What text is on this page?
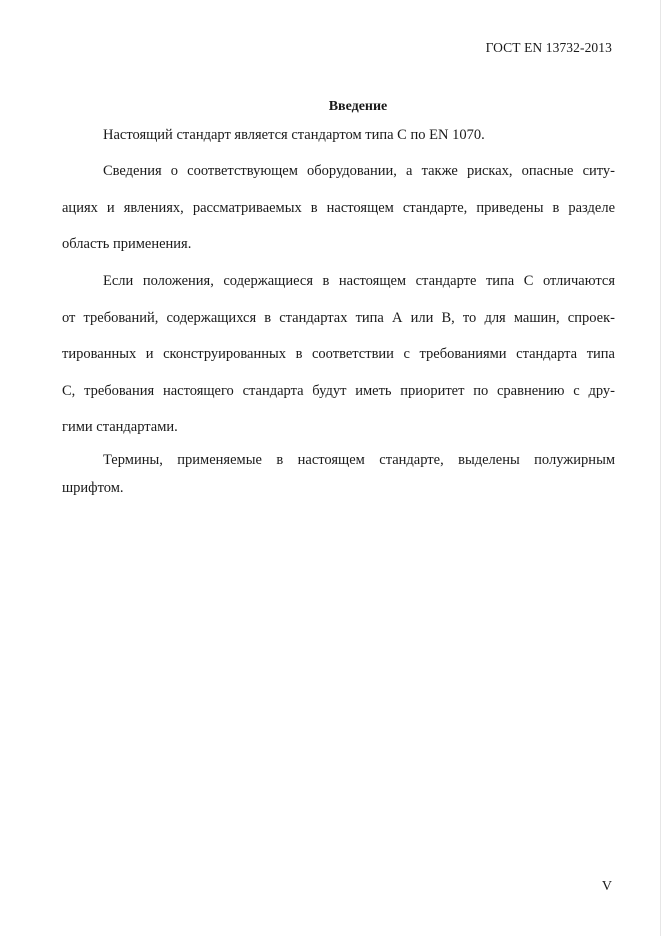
ГОСТ EN 13732-2013
Введение
Настоящий стандарт является стандартом типа С по EN 1070.
Сведения о соответствующем оборудовании, а также рисках, опасные ситу-
ациях и явлениях, рассматриваемых в настоящем стандарте, приведены в разделе
область применения.
Если положения, содержащиеся в настоящем стандарте типа С отличаются
от требований, содержащихся в стандартах типа А или В, то для машин, спроек-
тированных и сконструированных в соответствии с требованиями стандарта типа
С, требования настоящего стандарта будут иметь приоритет по сравнению с дру-
гими стандартами.
Термины, применяемые в настоящем стандарте, выделены полужирным
шрифтом.
V
